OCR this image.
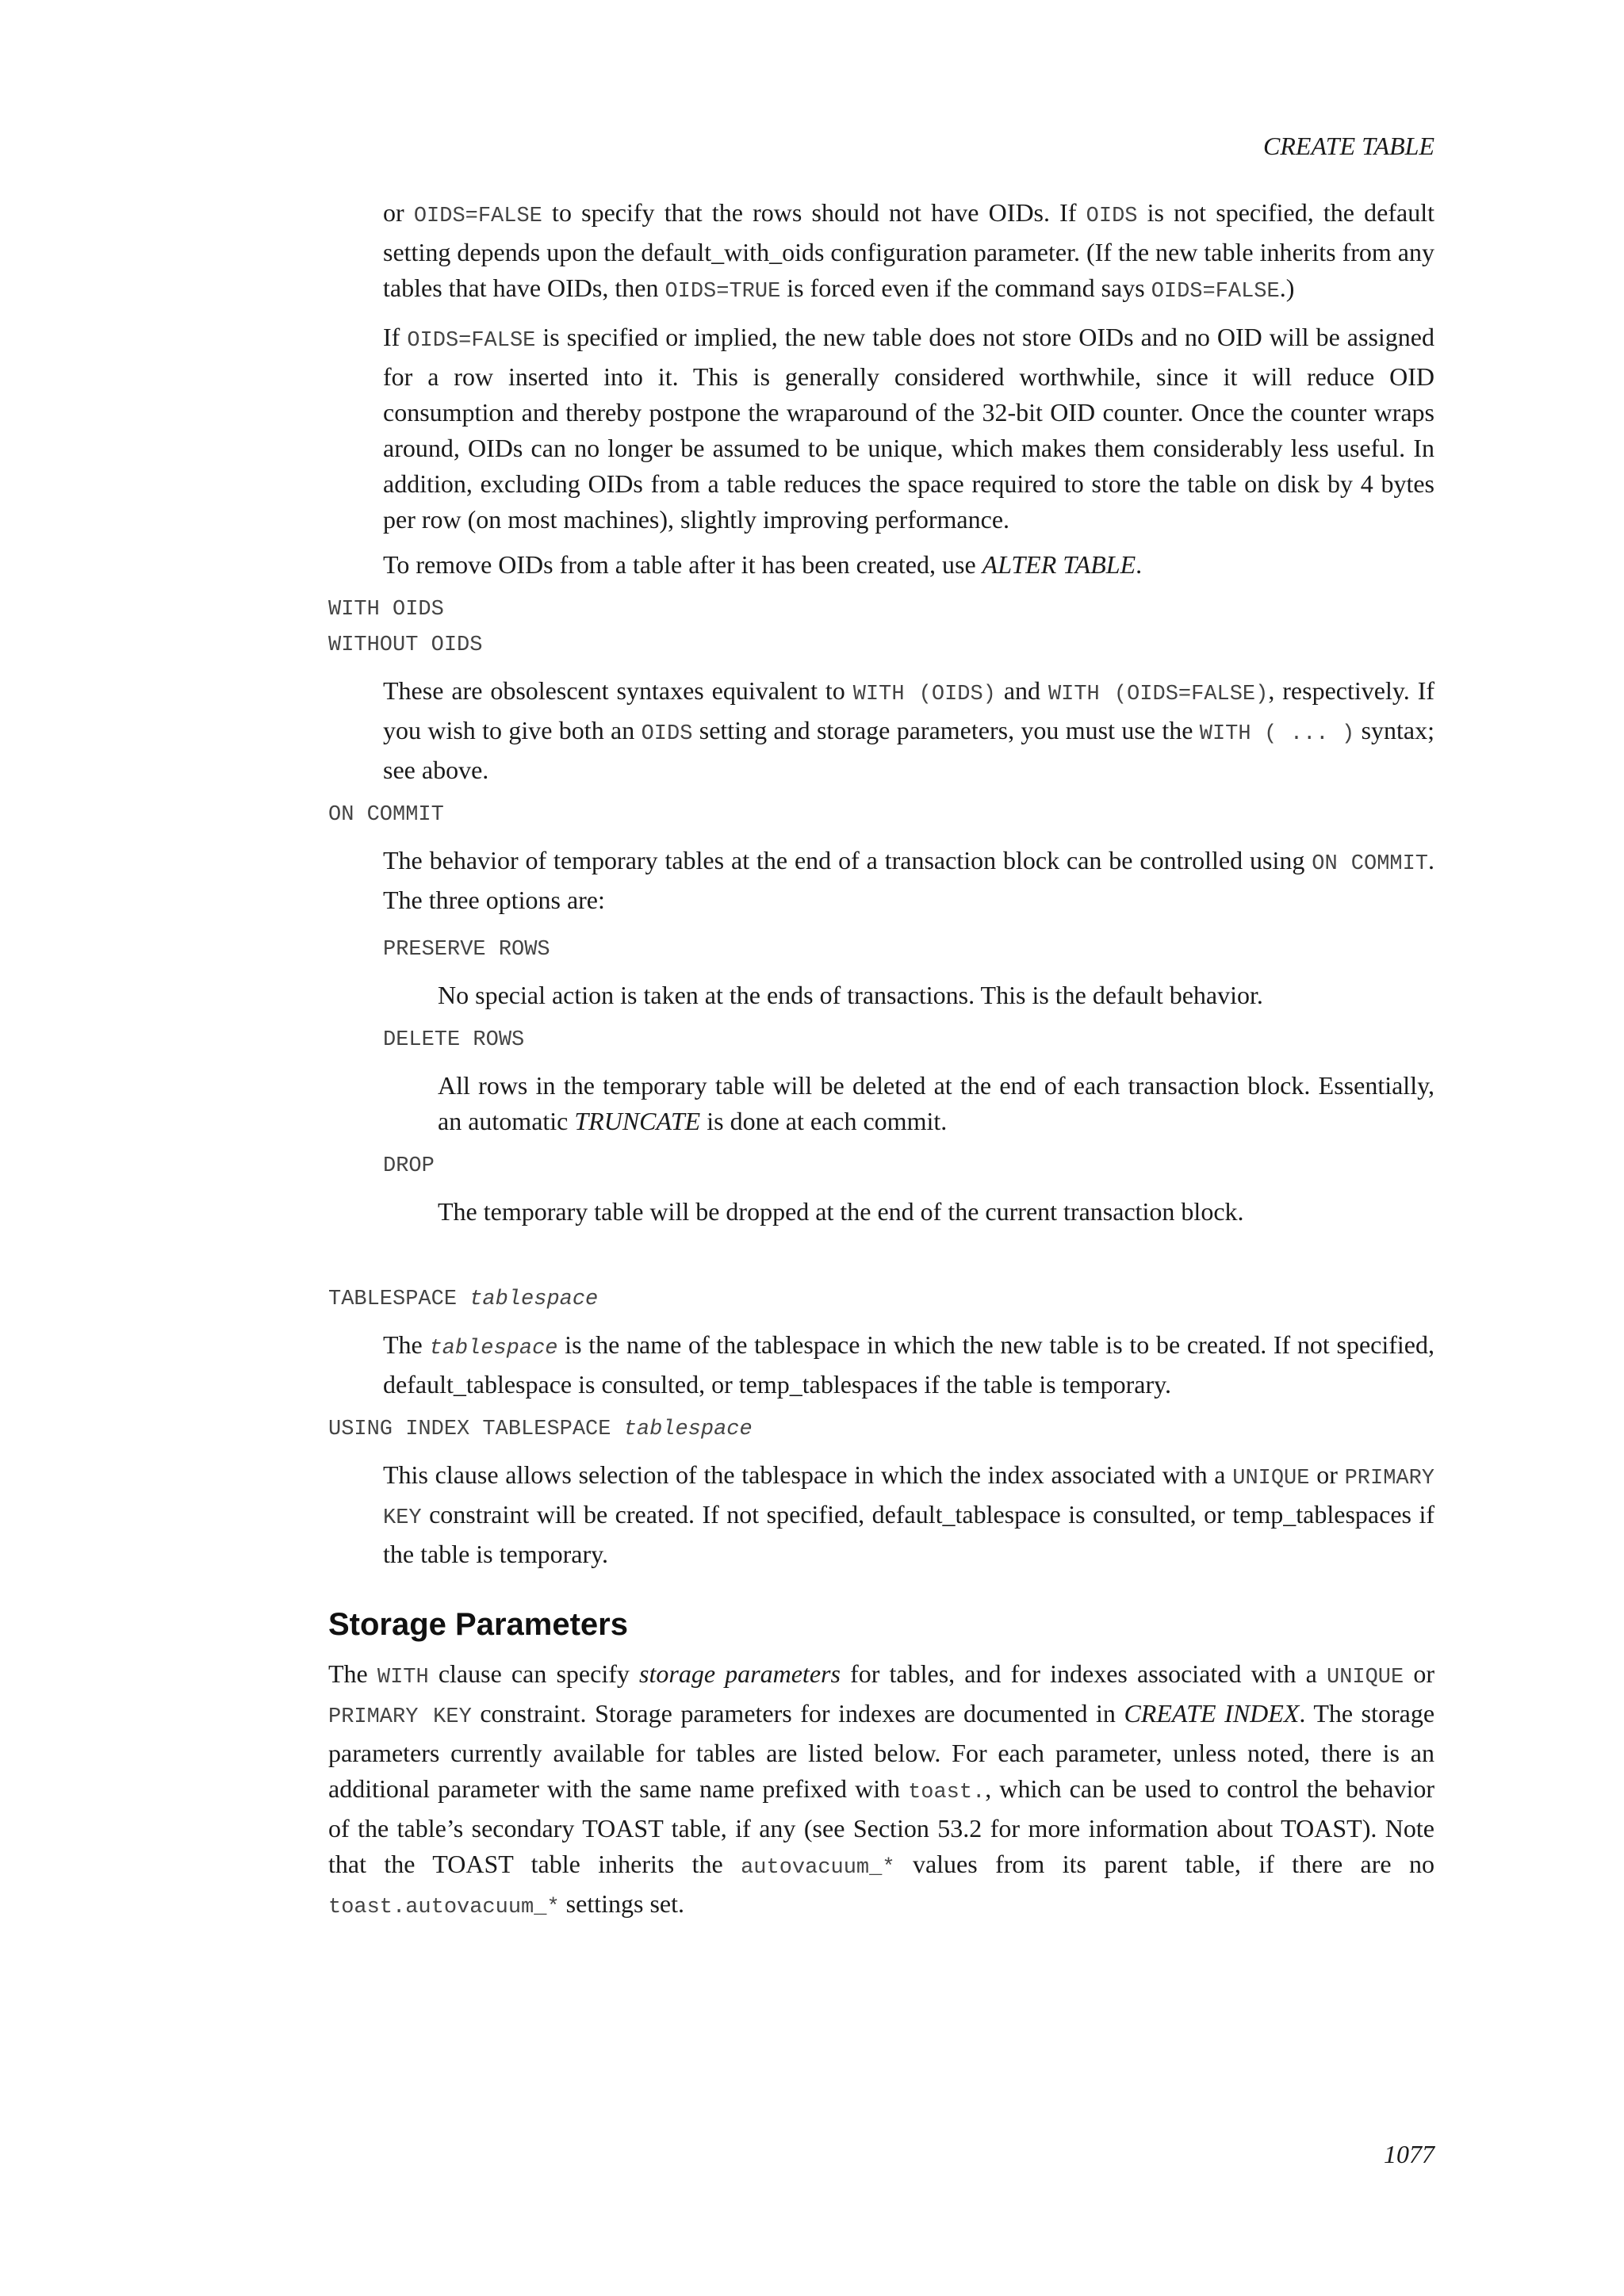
CREATE TABLE

or OIDS=FALSE to specify that the rows should not have OIDs. If OIDS is not specified, the default setting depends upon the default_with_oids configuration parameter. (If the new table inherits from any tables that have OIDs, then OIDS=TRUE is forced even if the command says OIDS=FALSE.)

If OIDS=FALSE is specified or implied, the new table does not store OIDs and no OID will be assigned for a row inserted into it. This is generally considered worthwhile, since it will reduce OID consumption and thereby postpone the wraparound of the 32-bit OID counter. Once the counter wraps around, OIDs can no longer be assumed to be unique, which makes them considerably less useful. In addition, excluding OIDs from a table reduces the space required to store the table on disk by 4 bytes per row (on most machines), slightly improving performance.

To remove OIDs from a table after it has been created, use ALTER TABLE.

WITH OIDS
WITHOUT OIDS

These are obsolescent syntaxes equivalent to WITH (OIDS) and WITH (OIDS=FALSE), respectively. If you wish to give both an OIDS setting and storage parameters, you must use the WITH ( ... ) syntax; see above.

ON COMMIT

The behavior of temporary tables at the end of a transaction block can be controlled using ON COMMIT. The three options are:

PRESERVE ROWS

No special action is taken at the ends of transactions. This is the default behavior.

DELETE ROWS

All rows in the temporary table will be deleted at the end of each transaction block. Essentially, an automatic TRUNCATE is done at each commit.

DROP

The temporary table will be dropped at the end of the current transaction block.

TABLESPACE tablespace

The tablespace is the name of the tablespace in which the new table is to be created. If not specified, default_tablespace is consulted, or temp_tablespaces if the table is temporary.

USING INDEX TABLESPACE tablespace

This clause allows selection of the tablespace in which the index associated with a UNIQUE or PRIMARY KEY constraint will be created. If not specified, default_tablespace is consulted, or temp_tablespaces if the table is temporary.

Storage Parameters

The WITH clause can specify storage parameters for tables, and for indexes associated with a UNIQUE or PRIMARY KEY constraint. Storage parameters for indexes are documented in CREATE INDEX. The storage parameters currently available for tables are listed below. For each parameter, unless noted, there is an additional parameter with the same name prefixed with toast., which can be used to control the behavior of the table’s secondary TOAST table, if any (see Section 53.2 for more information about TOAST). Note that the TOAST table inherits the autovacuum_* values from its parent table, if there are no toast.autovacuum_* settings set.

1077
